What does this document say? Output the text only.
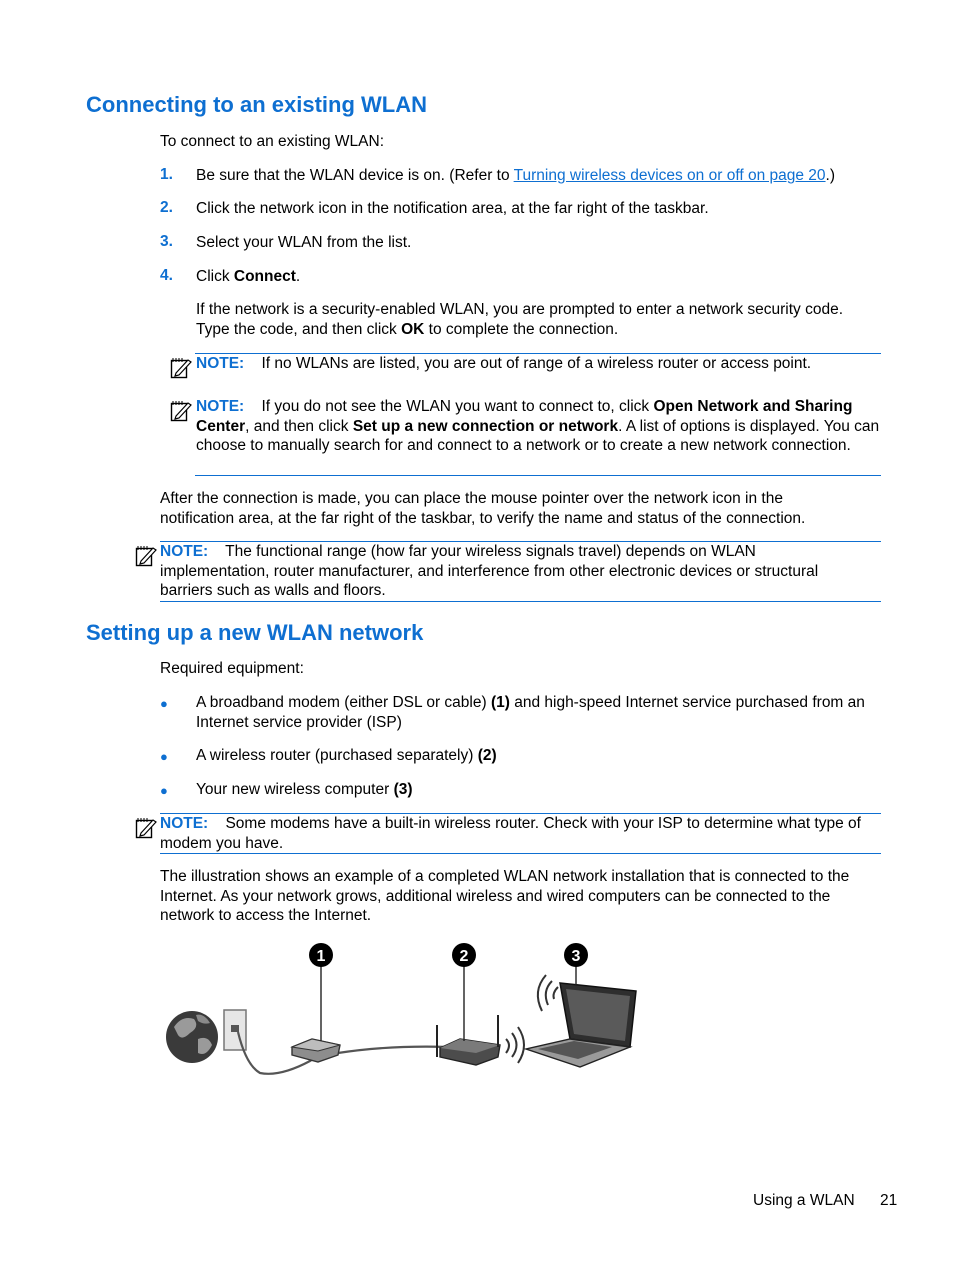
Connecting to an existing WLAN

To connect to an existing WLAN:

1. Be sure that the WLAN device is on. (Refer to Turning wireless devices on or off on page 20.)

2. Click the network icon in the notification area, at the far right of the taskbar.

3. Select your WLAN from the list.

4. Click Connect.

If the network is a security-enabled WLAN, you are prompted to enter a network security code. Type the code, and then click OK to complete the connection.

NOTE: If no WLANs are listed, you are out of range of a wireless router or access point.

NOTE: If you do not see the WLAN you want to connect to, click Open Network and Sharing Center, and then click Set up a new connection or network. A list of options is displayed. You can choose to manually search for and connect to a network or to create a new network connection.

After the connection is made, you can place the mouse pointer over the network icon in the notification area, at the far right of the taskbar, to verify the name and status of the connection.

NOTE: The functional range (how far your wireless signals travel) depends on WLAN implementation, router manufacturer, and interference from other electronic devices or structural barriers such as walls and floors.

Setting up a new WLAN network

Required equipment:

● A broadband modem (either DSL or cable) (1) and high-speed Internet service purchased from an Internet service provider (ISP)

● A wireless router (purchased separately) (2)

● Your new wireless computer (3)

NOTE: Some modems have a built-in wireless router. Check with your ISP to determine what type of modem you have.

The illustration shows an example of a completed WLAN network installation that is connected to the Internet. As your network grows, additional wireless and wired computers can be connected to the network to access the Internet.

1	2	3
Using a WLAN 21
